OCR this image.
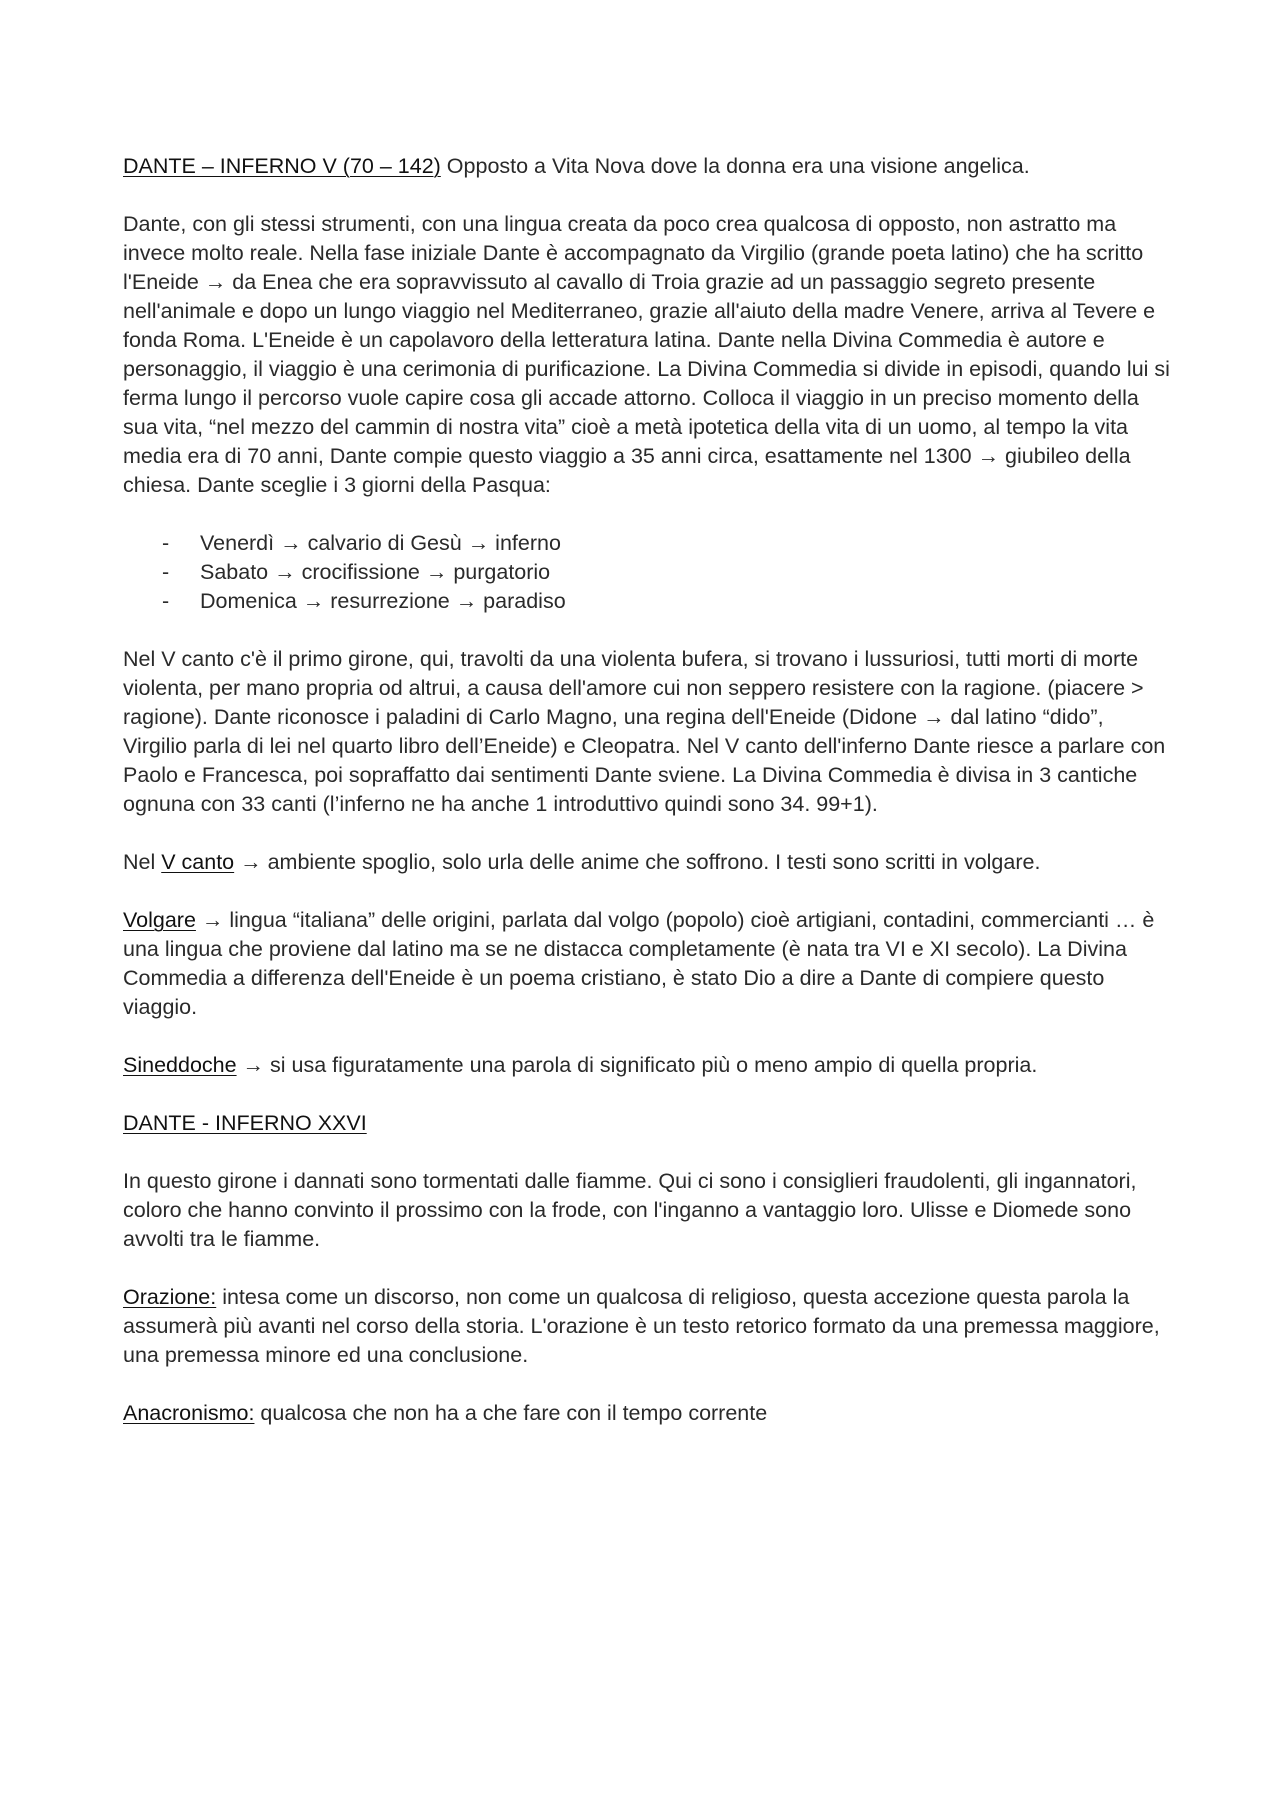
DANTE – INFERNO V (70 – 142) Opposto a Vita Nova dove la donna era una visione angelica.

Dante, con gli stessi strumenti, con una lingua creata da poco crea qualcosa di opposto, non astratto ma invece molto reale. Nella fase iniziale Dante è accompagnato da Virgilio (grande poeta latino) che ha scritto l'Eneide → da Enea che era sopravvissuto al cavallo di Troia grazie ad un passaggio segreto presente nell'animale e dopo un lungo viaggio nel Mediterraneo, grazie all'aiuto della madre Venere, arriva al Tevere e fonda Roma. L'Eneide è un capolavoro della letteratura latina. Dante nella Divina Commedia è autore e personaggio, il viaggio è una cerimonia di purificazione. La Divina Commedia si divide in episodi, quando lui si ferma lungo il percorso vuole capire cosa gli accade attorno. Colloca il viaggio in un preciso momento della sua vita, “nel mezzo del cammin di nostra vita” cioè a metà ipotetica della vita di un uomo, al tempo la vita media era di 70 anni, Dante compie questo viaggio a 35 anni circa, esattamente nel 1300 → giubileo della chiesa. Dante sceglie i 3 giorni della Pasqua:

- Venerdì → calvario di Gesù → inferno
- Sabato → crocifissione → purgatorio
- Domenica → resurrezione → paradiso

Nel V canto c'è il primo girone, qui, travolti da una violenta bufera, si trovano i lussuriosi, tutti morti di morte violenta, per mano propria od altrui, a causa dell'amore cui non seppero resistere con la ragione. (piacere > ragione). Dante riconosce i paladini di Carlo Magno, una regina dell'Eneide (Didone → dal latino “dido”, Virgilio parla di lei nel quarto libro dell’Eneide) e Cleopatra. Nel V canto dell'inferno Dante riesce a parlare con Paolo e Francesca, poi sopraffatto dai sentimenti Dante sviene. La Divina Commedia è divisa in 3 cantiche ognuna con 33 canti (l’inferno ne ha anche 1 introduttivo quindi sono 34. 99+1).

Nel V canto → ambiente spoglio, solo urla delle anime che soffrono. I testi sono scritti in volgare.

Volgare → lingua “italiana” delle origini, parlata dal volgo (popolo) cioè artigiani, contadini, commercianti … è una lingua che proviene dal latino ma se ne distacca completamente (è nata tra VI e XI secolo). La Divina Commedia a differenza dell'Eneide è un poema cristiano, è stato Dio a dire a Dante di compiere questo viaggio.

Sineddoche → si usa figuratamente una parola di significato più o meno ampio di quella propria.

DANTE - INFERNO XXVI

In questo girone i dannati sono tormentati dalle fiamme. Qui ci sono i consiglieri fraudolenti, gli ingannatori, coloro che hanno convinto il prossimo con la frode, con l'inganno a vantaggio loro. Ulisse e Diomede sono avvolti tra le fiamme.

Orazione: intesa come un discorso, non come un qualcosa di religioso, questa accezione questa parola la assumerà più avanti nel corso della storia. L'orazione è un testo retorico formato da una premessa maggiore, una premessa minore ed una conclusione.

Anacronismo: qualcosa che non ha a che fare con il tempo corrente
